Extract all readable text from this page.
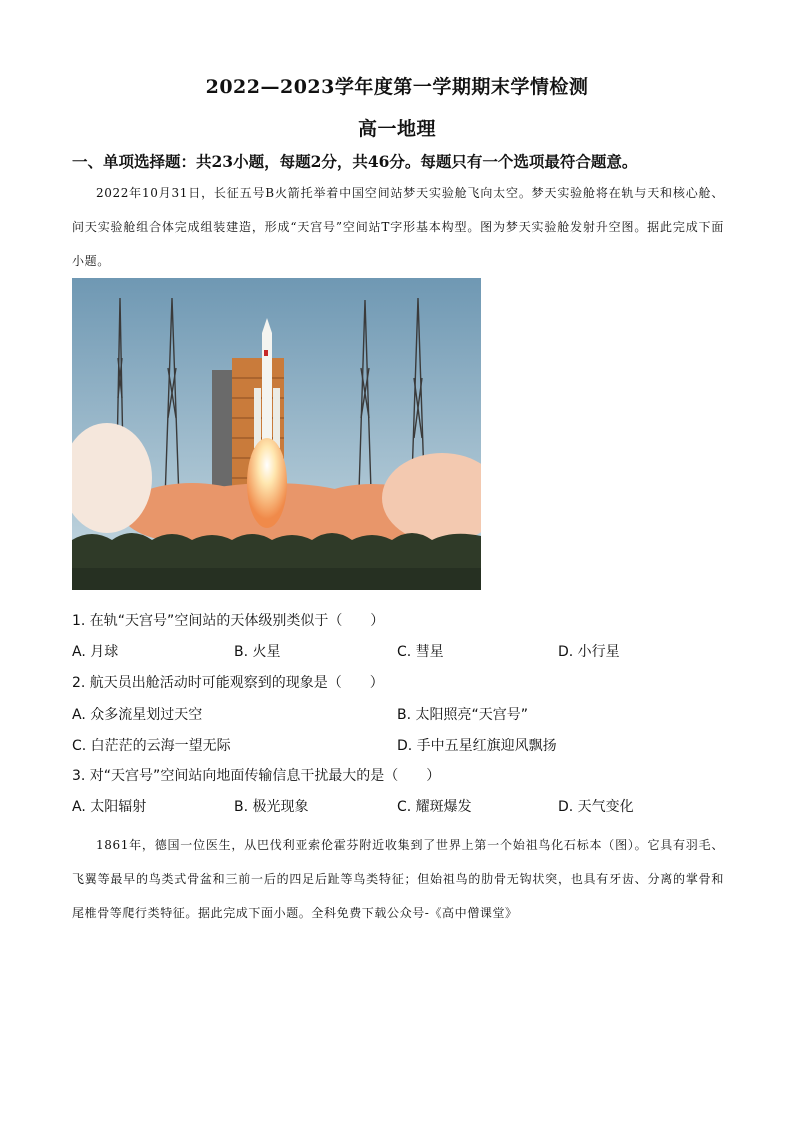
2022—2023学年度第一学期期末学情检测
高一地理
一、单项选择题：共23小题，每题2分，共46分。每题只有一个选项最符合题意。
2022年10月31日，长征五号B火箭托举着中国空间站梦天实验舱飞向太空。梦天实验舱将在轨与天和核心舱、问天实验舱组合体完成组装建造，形成“天宫号”空间站T字形基本构型。图为梦天实验舱发射升空图。据此完成下面小题。
1. 在轨“天宫号”空间站的天体级别类似于（　　）
A. 月球	B. 火星	C. 彗星	D. 小行星
2. 航天员出舱活动时可能观察到的现象是（　　）
A. 众多流星划过天空	B. 太阳照亮“天宫号”
C. 白茫茫的云海一望无际	D. 手中五星红旗迎风飘扬
3. 对“天宫号”空间站向地面传输信息干扰最大的是（　　）
A. 太阳辐射	B. 极光现象	C. 耀斑爆发	D. 天气变化
1861年，德国一位医生，从巴伐利亚索伦霍芬附近收集到了世界上第一个始祖鸟化石标本（图）。它具有羽毛、飞翼等最早的鸟类式骨盆和三前一后的四足后趾等鸟类特征；但始祖鸟的肋骨无钩状突，也具有牙齿、分离的掌骨和尾椎骨等爬行类特征。据此完成下面小题。全科免费下载公众号-《高中僧课堂》
